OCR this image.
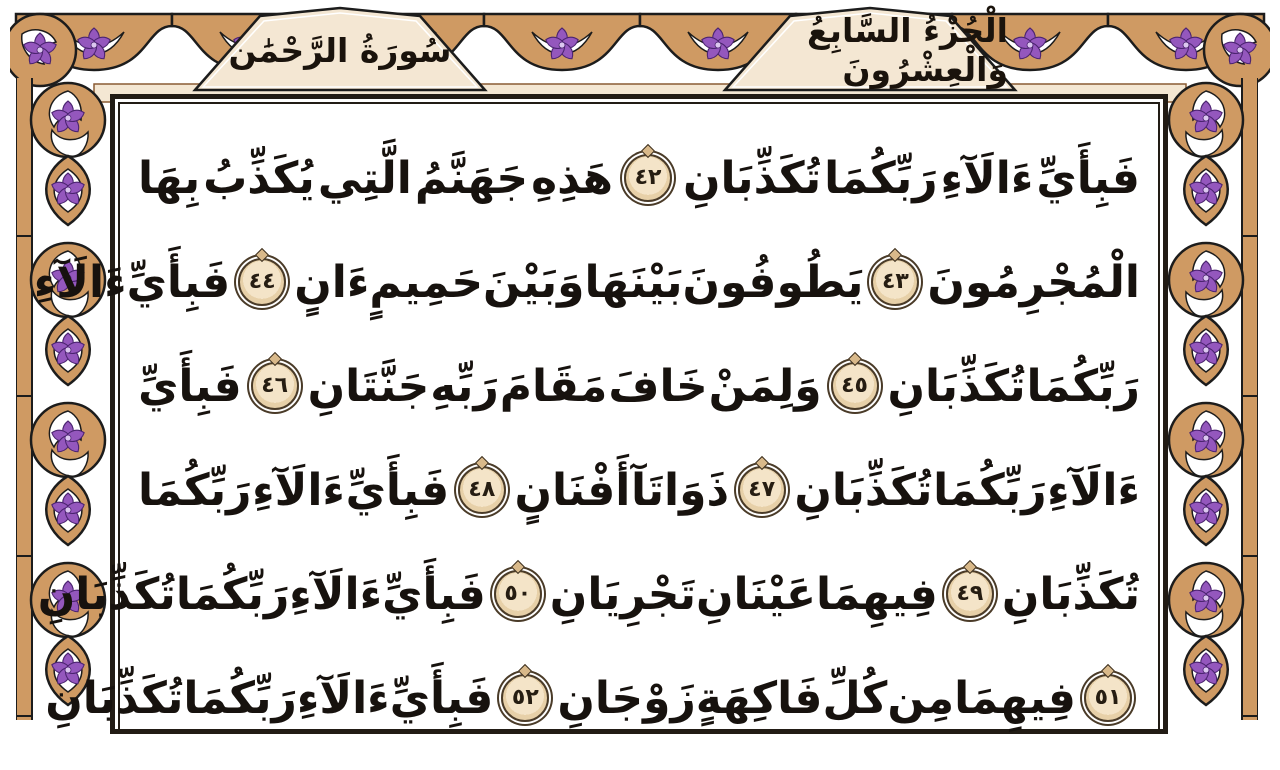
سُورَةُ الرَّحْمَٰن	الْجُزْءُ السَّابِعُ وَالْعِشْرُونَ
فَبِأَيِّ
ءَالَآءِ
رَبِّكُمَا
تُكَذِّبَانِ
٤٢
هَذِهِ
جَهَنَّمُ
الَّتِي
يُكَذِّبُ
بِهَا
الْمُجْرِمُونَ
٤٣
يَطُوفُونَ
بَيْنَهَا
وَبَيْنَ
حَمِيمٍ
ءَانٍ
٤٤
فَبِأَيِّ
ءَالَآءِ
رَبِّكُمَا
تُكَذِّبَانِ
٤٥
وَلِمَنْ
خَافَ
مَقَامَ
رَبِّهِ
جَنَّتَانِ
٤٦
فَبِأَيِّ
ءَالَآءِ
رَبِّكُمَا
تُكَذِّبَانِ
٤٧
ذَوَاتَآ
أَفْنَانٍ
٤٨
فَبِأَيِّ
ءَالَآءِ
رَبِّكُمَا
تُكَذِّبَانِ
٤٩
فِيهِمَا
عَيْنَانِ
تَجْرِيَانِ
٥٠
فَبِأَيِّ
ءَالَآءِ
رَبِّكُمَا
تُكَذِّبَانِ
٥١
فِيهِمَا
مِن
كُلِّ
فَاكِهَةٍ
زَوْجَانِ
٥٢
فَبِأَيِّ
ءَالَآءِ
رَبِّكُمَا
تُكَذِّبَانِ
